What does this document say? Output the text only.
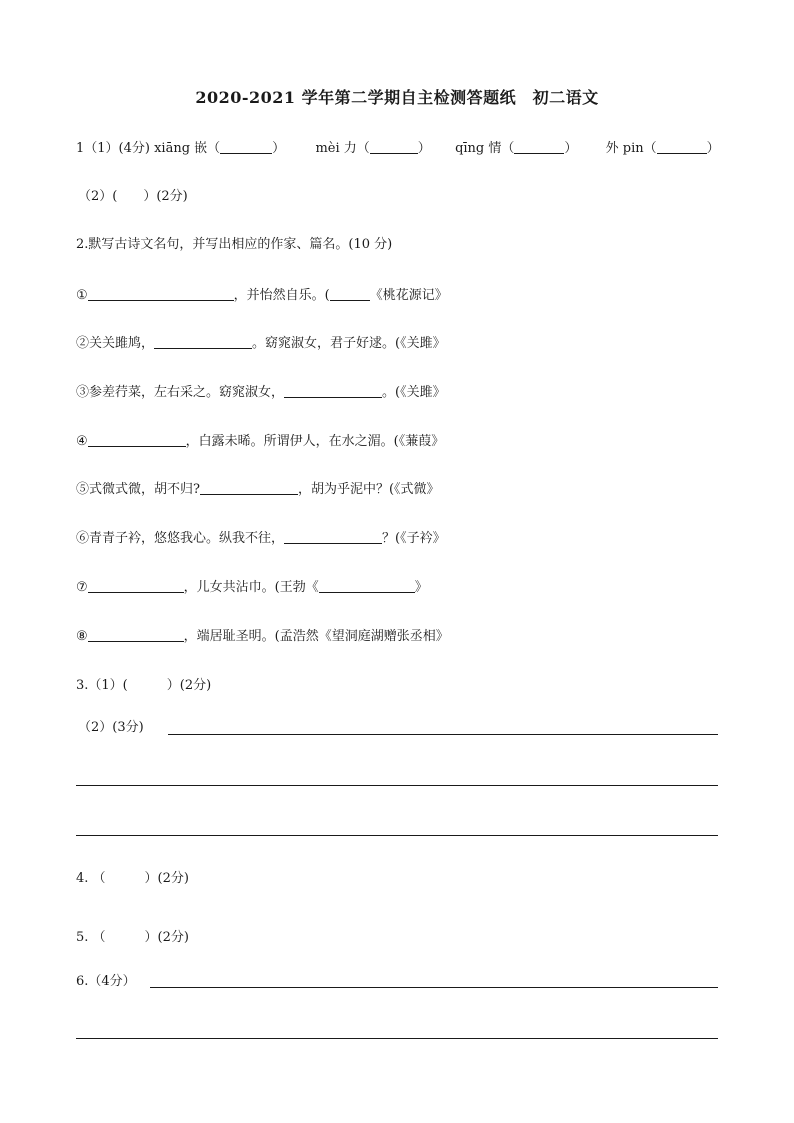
2020-2021 学年第二学期自主检测答题纸　初二语文
1（1）(4分) xiāng 嵌（	） mèi 力（	） qīng 情（	） 外 pin（	）
（2）(　　）(2分)
2.默写古诗文名句，并写出相应的作家、篇名。(10 分)
①	，并怡然自乐。(	《桃花源记》
②关关雎鸠，	。窈窕淑女，君子好逑。(《关雎》
③参差荇菜，左右采之。窈窕淑女，	。(《关雎》
④	，白露未晞。所谓伊人，在水之湄。(《蒹葭》
⑤式微式微，胡不归?	，胡为乎泥中？(《式微》
⑥青青子衿，悠悠我心。纵我不往，	？(《子衿》
⑦	，儿女共沾巾。(王勃《	》
⑧	，端居耻圣明。(孟浩然《望洞庭湖赠张丞相》
3.（1）(　　　）(2分)
（2）(3分)
4. （　　　）(2分)
5. （　　　）(2分)
6.（4分）
